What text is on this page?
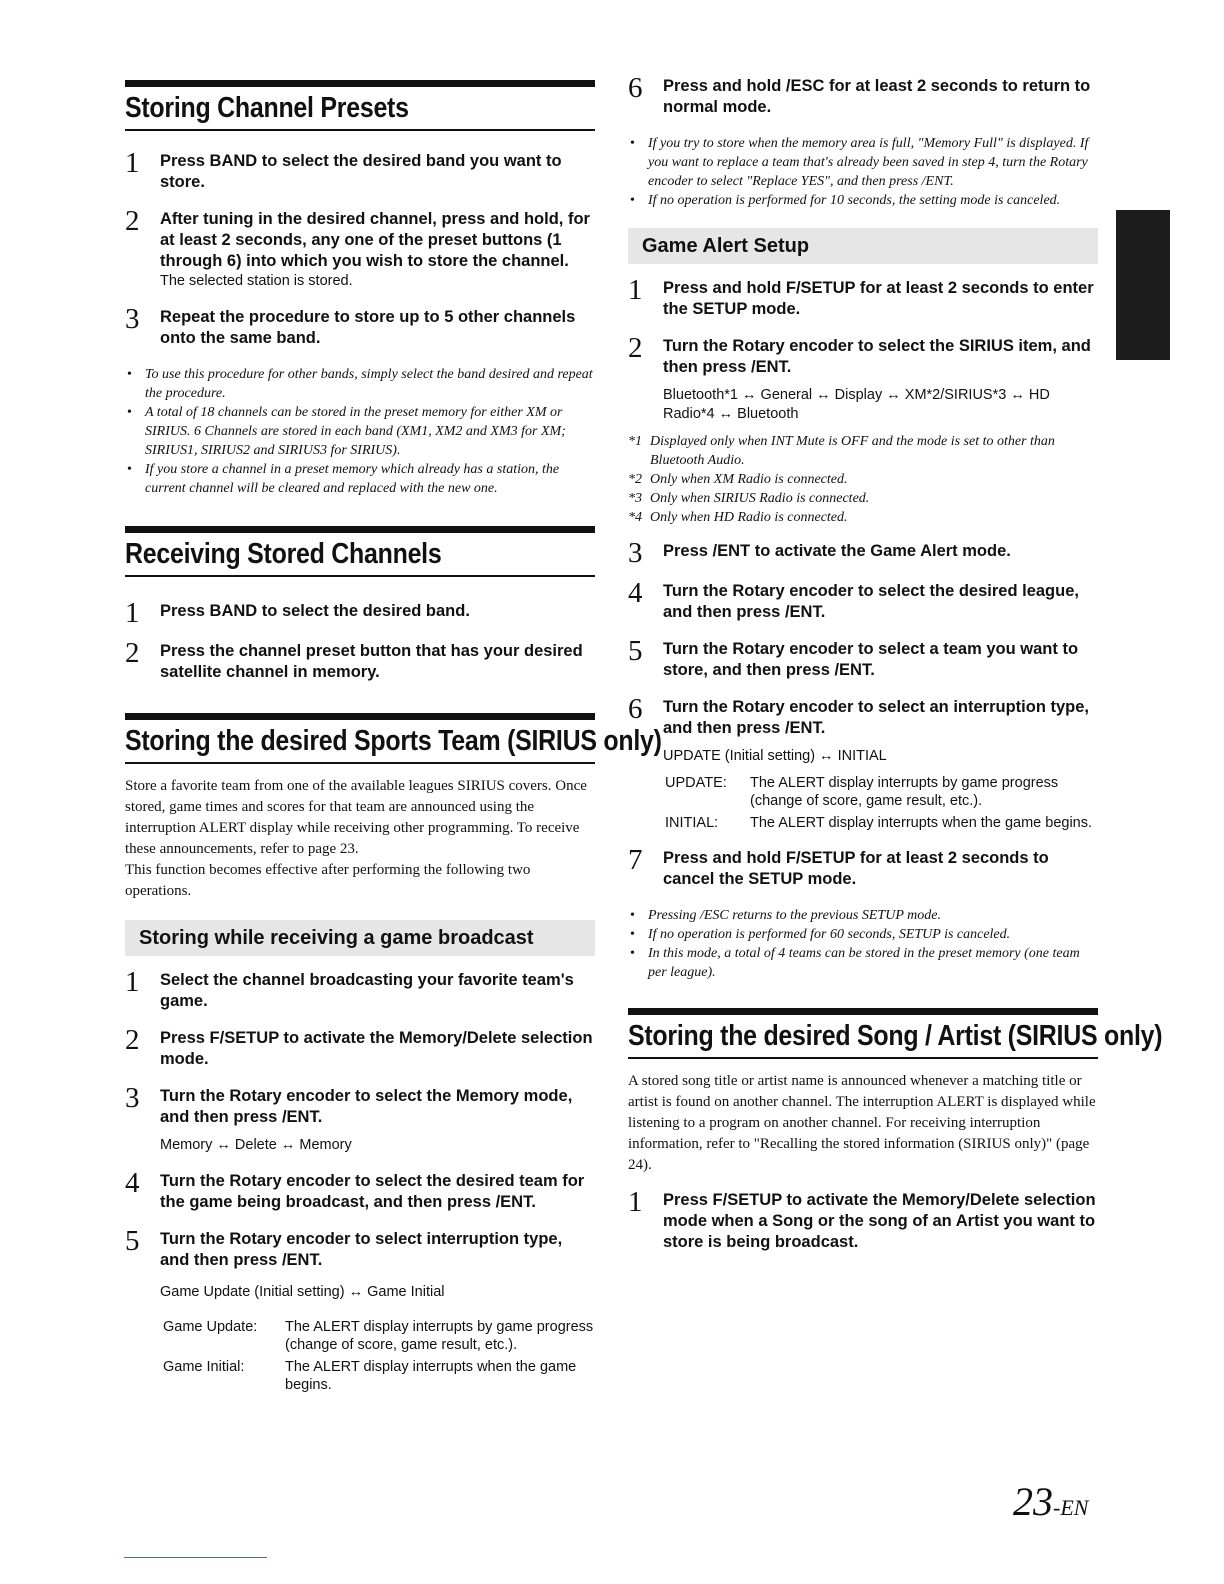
Storing Channel Presets
1	Press BAND to select the desired band you want to store.
2	After tuning in the desired channel, press and hold, for at least 2 seconds, any one of the preset buttons (1 through 6) into which you wish to store the channel.
The selected station is stored.
3	Repeat the procedure to store up to 5 other channels onto the same band.
• To use this procedure for other bands, simply select the band desired and repeat the procedure.
• A total of 18 channels can be stored in the preset memory for either XM or SIRIUS. 6 Channels are stored in each band (XM1, XM2 and XM3 for XM; SIRIUS1, SIRIUS2 and SIRIUS3 for SIRIUS).
• If you store a channel in a preset memory which already has a station, the current channel will be cleared and replaced with the new one.
Receiving Stored Channels
1	Press BAND to select the desired band.
2	Press the channel preset button that has your desired satellite channel in memory.
Storing the desired Sports Team (SIRIUS only)
Store a favorite team from one of the available leagues SIRIUS covers. Once stored, game times and scores for that team are announced using the interruption ALERT display while receiving other programming. To receive these announcements, refer to page 23.
This function becomes effective after performing the following two operations.
Storing while receiving a game broadcast
1	Select the channel broadcasting your favorite team's game.
2	Press F/SETUP to activate the Memory/Delete selection mode.
3	Turn the Rotary encoder to select the Memory mode, and then press /ENT.
Memory ↔ Delete ↔ Memory
4	Turn the Rotary encoder to select the desired team for the game being broadcast, and then press /ENT.
5	Turn the Rotary encoder to select interruption type, and then press /ENT.
Game Update (Initial setting) ↔ Game Initial
Game Update:	The ALERT display interrupts by game progress (change of score, game result, etc.).
Game Initial:	The ALERT display interrupts when the game begins.
6	Press and hold /ESC for at least 2 seconds to return to normal mode.
• If you try to store when the memory area is full, "Memory Full" is displayed. If you want to replace a team that's already been saved in step 4, turn the Rotary encoder to select "Replace YES", and then press /ENT.
• If no operation is performed for 10 seconds, the setting mode is canceled.
Game Alert Setup
1	Press and hold F/SETUP for at least 2 seconds to enter the SETUP mode.
2	Turn the Rotary encoder to select the SIRIUS item, and then press /ENT.
Bluetooth*1 ↔ General ↔ Display ↔ XM*2/SIRIUS*3 ↔ HD Radio*4 ↔ Bluetooth
*1 Displayed only when INT Mute is OFF and the mode is set to other than Bluetooth Audio.
*2 Only when XM Radio is connected.
*3 Only when SIRIUS Radio is connected.
*4 Only when HD Radio is connected.
3	Press /ENT to activate the Game Alert mode.
4	Turn the Rotary encoder to select the desired league, and then press /ENT.
5	Turn the Rotary encoder to select a team you want to store, and then press /ENT.
6	Turn the Rotary encoder to select an interruption type, and then press /ENT.
UPDATE (Initial setting) ↔ INITIAL
UPDATE:	The ALERT display interrupts by game progress (change of score, game result, etc.).
INITIAL:	The ALERT display interrupts when the game begins.
7	Press and hold F/SETUP for at least 2 seconds to cancel the SETUP mode.
• Pressing /ESC returns to the previous SETUP mode.
• If no operation is performed for 60 seconds, SETUP is canceled.
• In this mode, a total of 4 teams can be stored in the preset memory (one team per league).
Storing the desired Song / Artist (SIRIUS only)
A stored song title or artist name is announced whenever a matching title or artist is found on another channel. The interruption ALERT is displayed while listening to a program on another channel. For receiving interruption information, refer to "Recalling the stored information (SIRIUS only)" (page 24).
1	Press F/SETUP to activate the Memory/Delete selection mode when a Song or the song of an Artist you want to store is being broadcast.
23-EN
